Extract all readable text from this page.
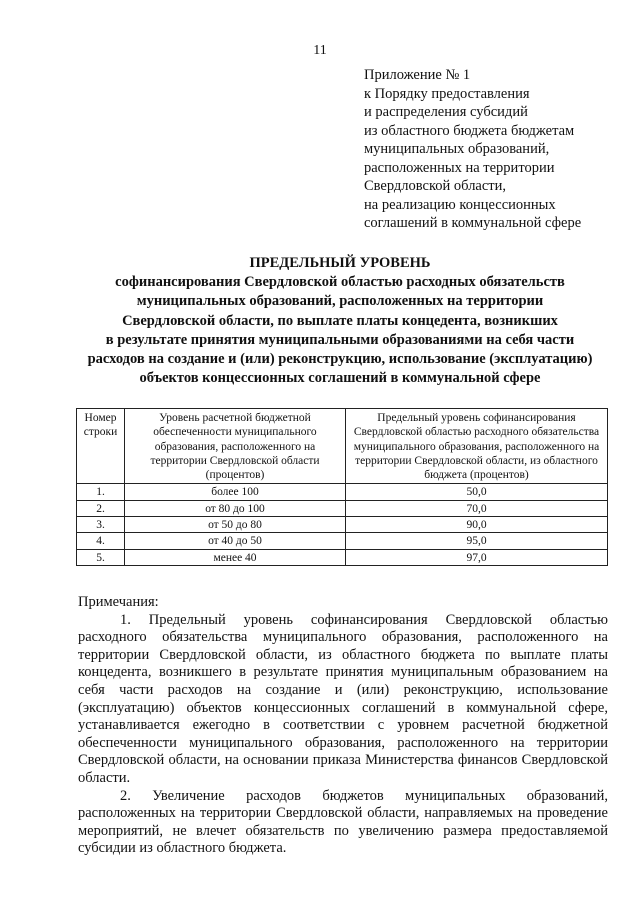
11
Приложение № 1
к Порядку предоставления
и распределения субсидий
из областного бюджета бюджетам
муниципальных образований,
расположенных на территории
Свердловской области,
на реализацию концессионных
соглашений в коммунальной сфере
ПРЕДЕЛЬНЫЙ УРОВЕНЬ
софинансирования Свердловской областью расходных обязательств
муниципальных образований, расположенных на территории
Свердловской области, по выплате платы концедента, возникших
в результате принятия муниципальными образованиями на себя части
расходов на создание и (или) реконструкцию, использование (эксплуатацию)
объектов концессионных соглашений в коммунальной сфере
Номер строки	Уровень расчетной бюджетной обеспеченности муниципального образования, расположенного на территории Свердловской области (процентов)	Предельный уровень софинансирования Свердловской областью расходного обязательства муниципального образования, расположенного на территории Свердловской области, из областного бюджета (процентов)
1.	более 100	50,0
2.	от 80 до 100	70,0
3.	от 50 до 80	90,0
4.	от 40 до 50	95,0
5.	менее 40	97,0
Примечания:
1. Предельный уровень софинансирования Свердловской областью расходного обязательства муниципального образования, расположенного на территории Свердловской области, из областного бюджета по выплате платы концедента, возникшего в результате принятия муниципальным образованием на себя части расходов на создание и (или) реконструкцию, использование (эксплуатацию) объектов концессионных соглашений в коммунальной сфере, устанавливается ежегодно в соответствии с уровнем расчетной бюджетной обеспеченности муниципального образования, расположенного на территории Свердловской области, на основании приказа Министерства финансов Свердловской области.
2. Увеличение расходов бюджетов муниципальных образований, расположенных на территории Свердловской области, направляемых на проведение мероприятий, не влечет обязательств по увеличению размера предоставляемой субсидии из областного бюджета.
